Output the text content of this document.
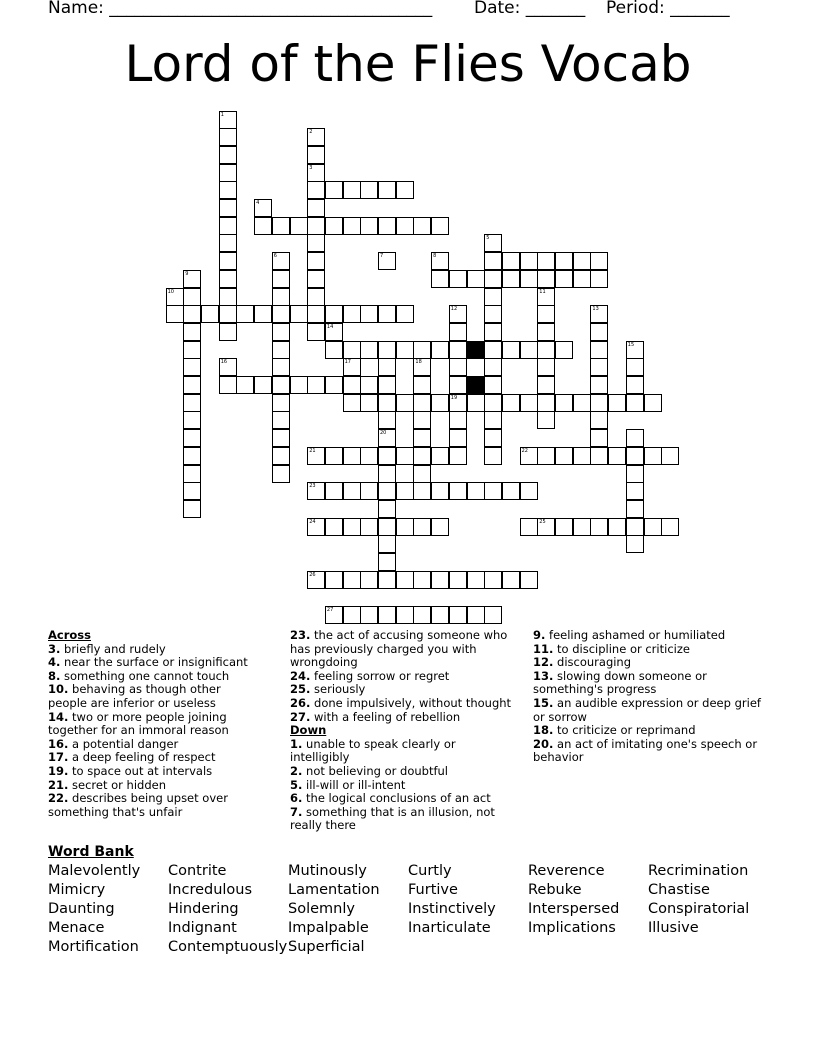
Name: ______________________________________ Date: _______ Period: _______
Lord of the Flies Vocab
3
5
20
18
19
21	22
23
24	25
26
27
1
2
4
6	7	8
9
10	11
12	13
14
15
16	17
Across
3. briefly and rudely
4. near the surface or insignificant
8. something one cannot touch
10. behaving as though other people are inferior or useless
14. two or more people joining together for an immoral reason
16. a potential danger
17. a deep feeling of respect
19. to space out at intervals
21. secret or hidden
22. describes being upset over something that's unfair
23. the act of accusing someone who has previously charged you with wrongdoing
24. feeling sorrow or regret
25. seriously
26. done impulsively, without thought
27. with a feeling of rebellion
Down
1. unable to speak clearly or intelligibly
2. not believing or doubtful
5. ill-will or ill-intent
6. the logical conclusions of an act
7. something that is an illusion, not really there
9. feeling ashamed or humiliated
11. to discipline or criticize
12. discouraging
13. slowing down someone or something's progress
15. an audible expression or deep grief or sorrow
18. to criticize or reprimand
20. an act of imitating one's speech or behavior
Word Bank
Malevolently	Contrite	Mutinously	Curtly	Reverence	Recrimination
Mimicry	Incredulous	Lamentation	Furtive	Rebuke	Chastise
Daunting	Hindering	Solemnly	Instinctively	Interspersed	Conspiratorial
Menace	Indignant	Impalpable	Inarticulate	Implications	Illusive
Mortification	Contemptuously Superficial
